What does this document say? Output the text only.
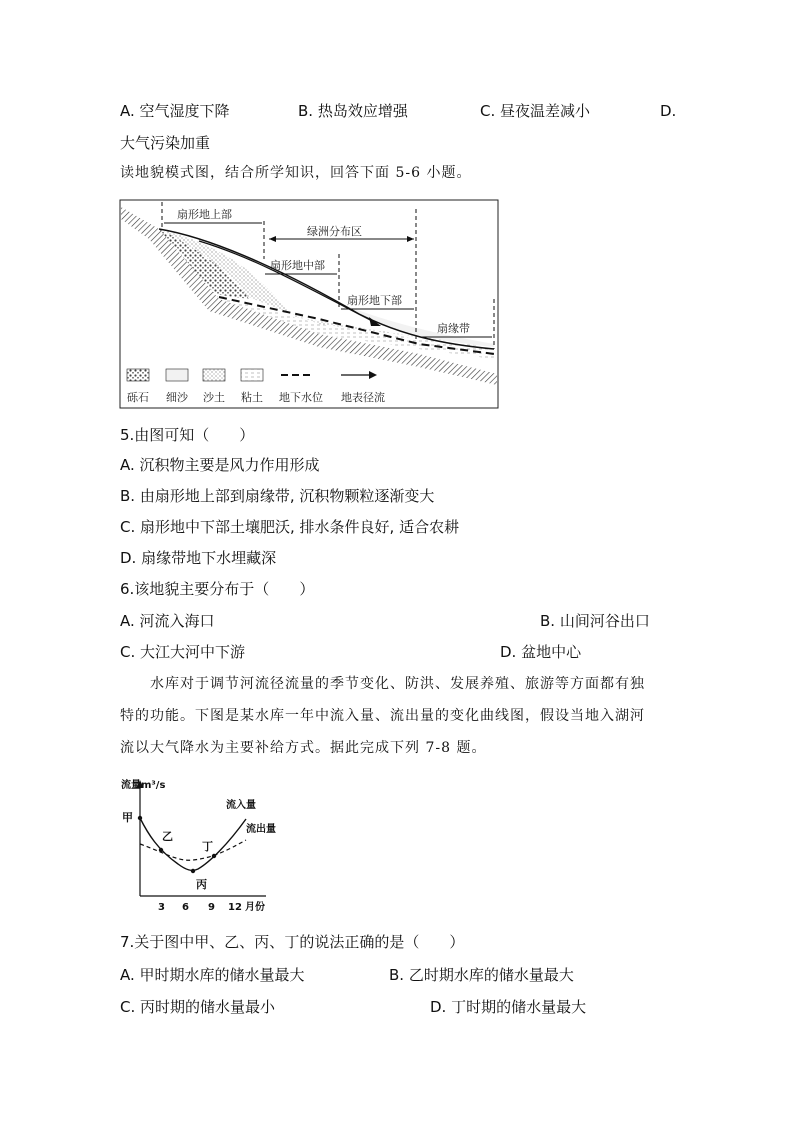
A. 空气湿度下降	B. 热岛效应增强	C. 昼夜温差减小	D.
大气污染加重
读地貌模式图，结合所学知识，回答下面 5-6 小题。
扇形地上部
绿洲分布区
扇形地中部
扇形地下部
扇缘带
砾石 细沙 沙土 粘土 地下水位 地表径流
5.由图可知（　　）
A. 沉积物主要是风力作用形成
B. 由扇形地上部到扇缘带, 沉积物颗粒逐渐变大
C. 扇形地中下部土壤肥沃, 排水条件良好, 适合农耕
D. 扇缘带地下水埋藏深
6.该地貌主要分布于（　　）
A. 河流入海口	B. 山间河谷出口
C. 大江大河中下游	D. 盆地中心
水库对于调节河流径流量的季节变化、防洪、发展养殖、旅游等方面都有独
特的功能。下图是某水库一年中流入量、流出量的变化曲线图，假设当地入湖河
流以大气降水为主要补给方式。据此完成下列 7-8 题。
流量m³/s
3 6 9 12 月份
甲
乙
丙
丁
流入量
流出量
7.关于图中甲、乙、丙、丁的说法正确的是（　　）
A. 甲时期水库的储水量最大	B. 乙时期水库的储水量最大
C. 丙时期的储水量最小	D. 丁时期的储水量最大
